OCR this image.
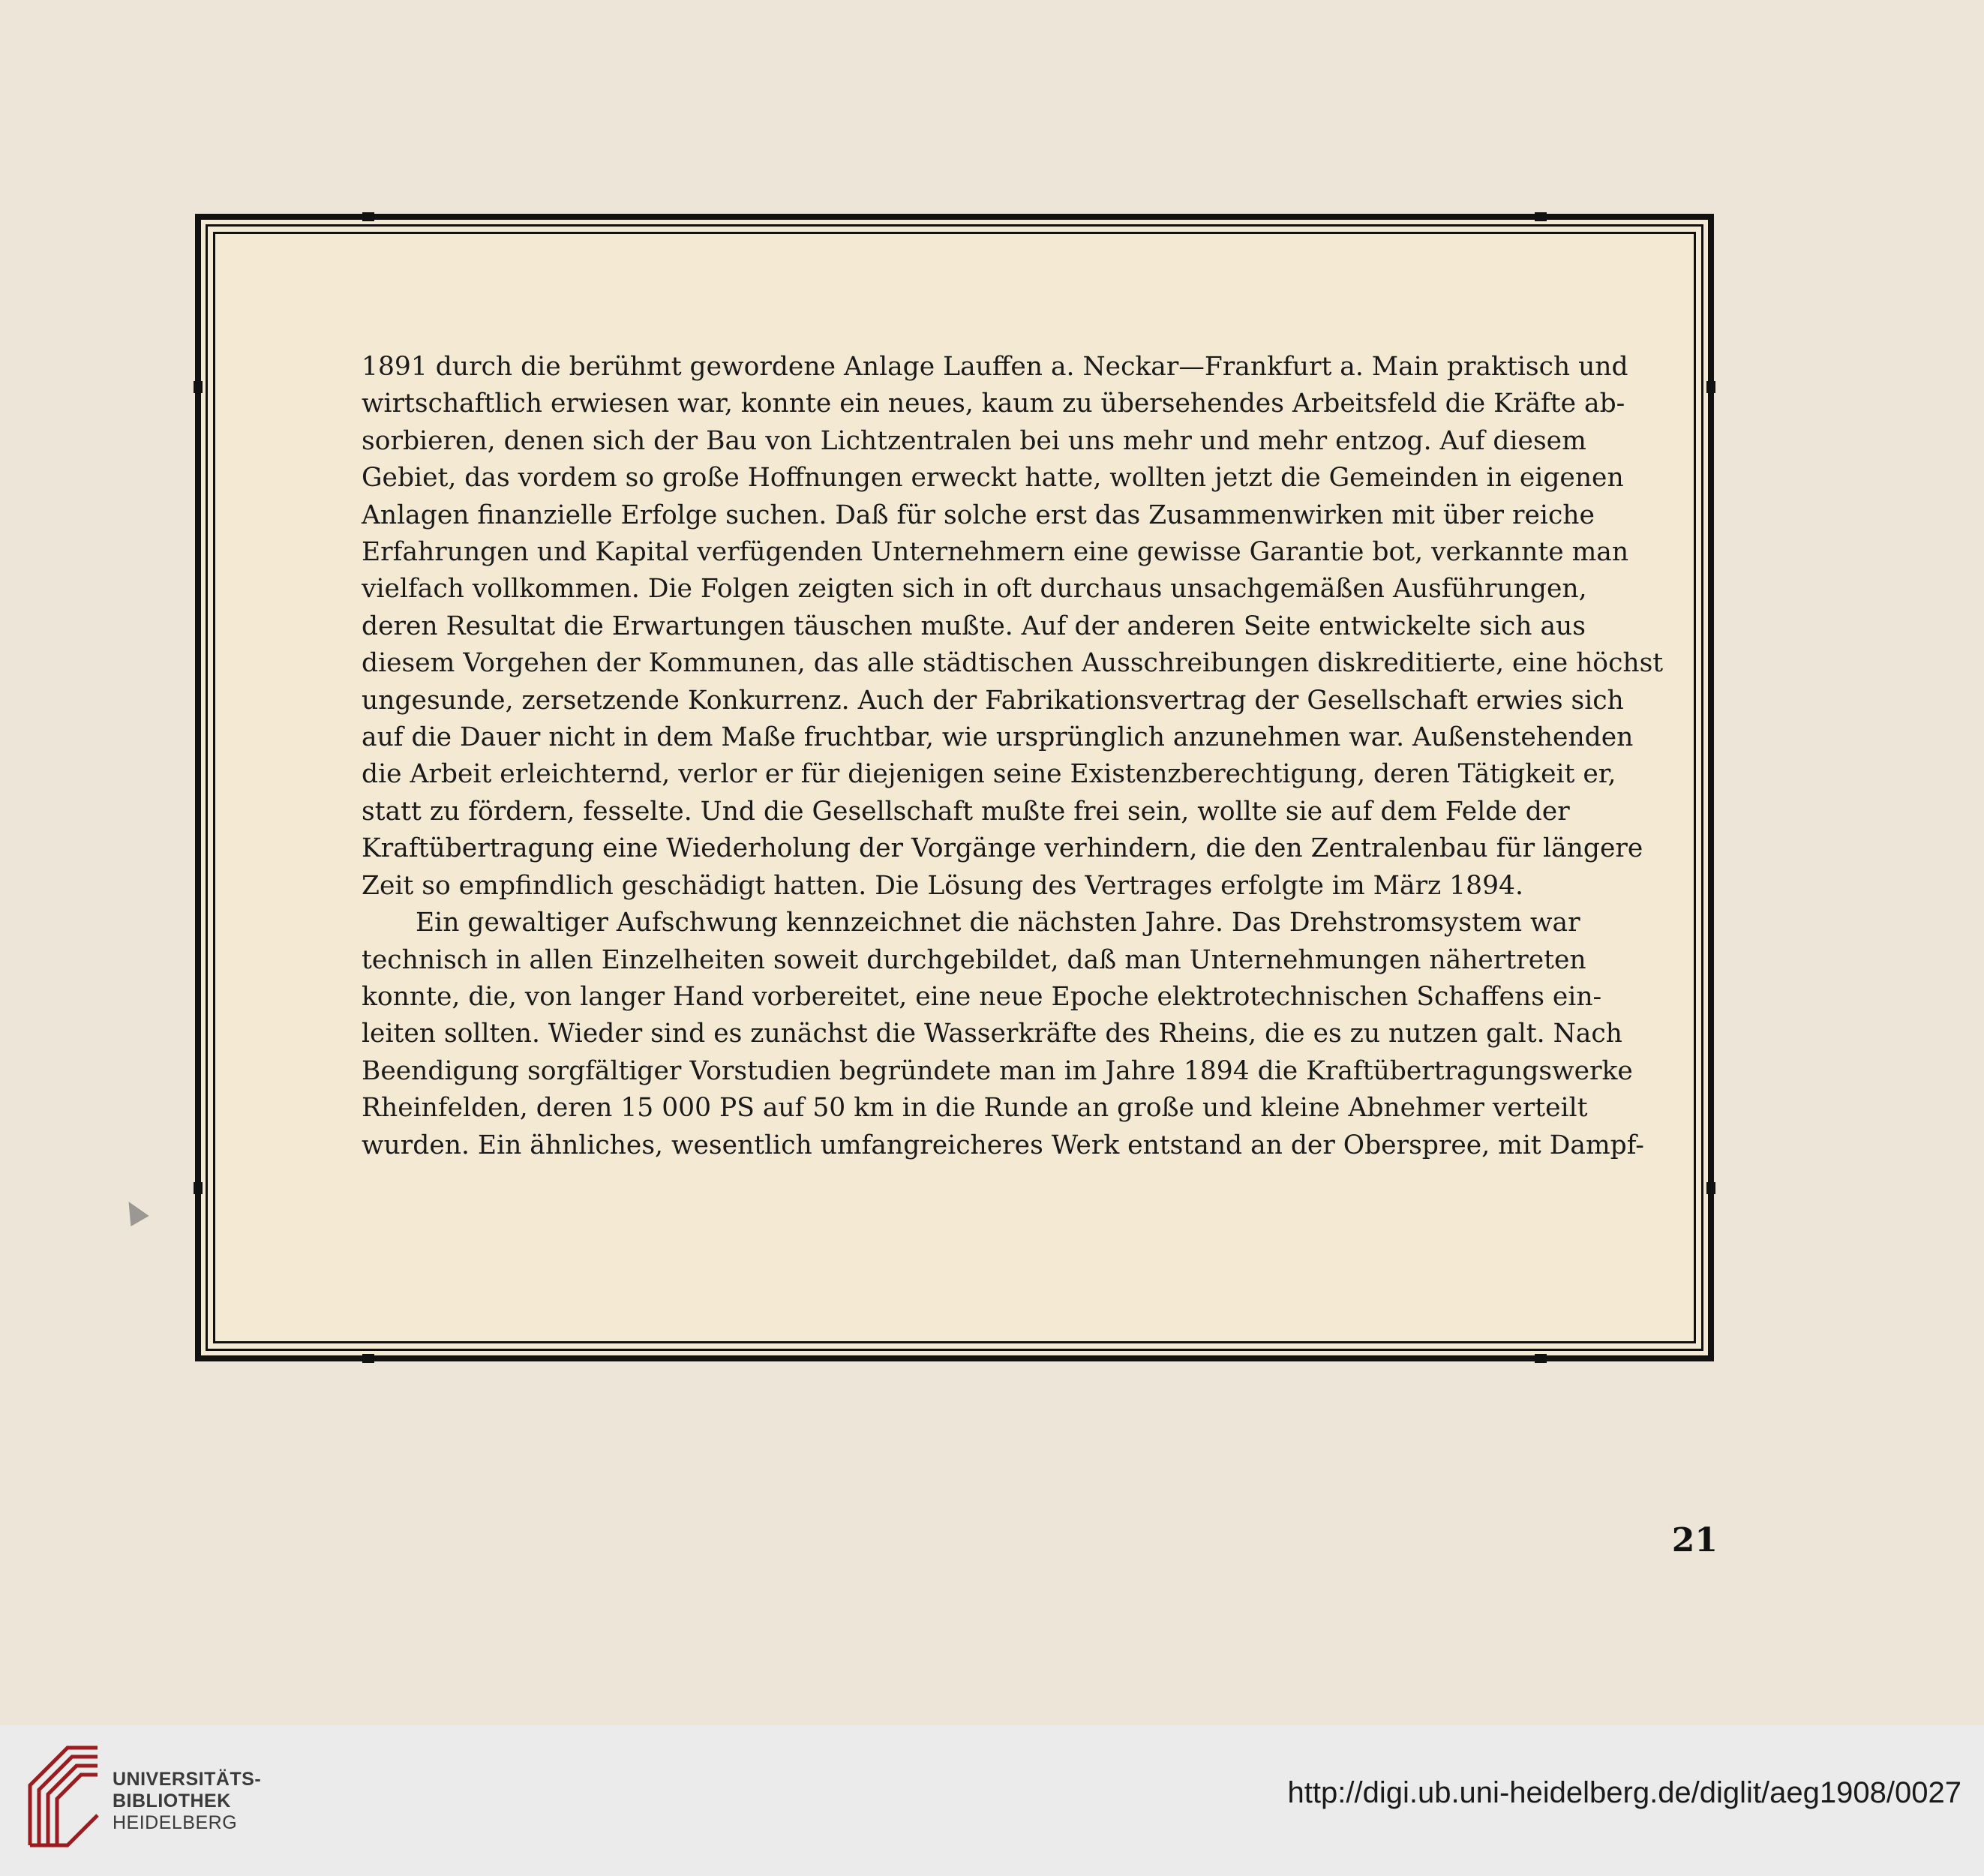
1891 durch die berühmt gewordene Anlage Lauffen a. Neckar—Frankfurt a. Main praktisch und
wirtschaftlich erwiesen war, konnte ein neues, kaum zu übersehendes Arbeitsfeld die Kräfte ab-
sorbieren, denen sich der Bau von Lichtzentralen bei uns mehr und mehr entzog. Auf diesem
Gebiet, das vordem so große Hoffnungen erweckt hatte, wollten jetzt die Gemeinden in eigenen
Anlagen finanzielle Erfolge suchen. Daß für solche erst das Zusammenwirken mit über reiche
Erfahrungen und Kapital verfügenden Unternehmern eine gewisse Garantie bot, verkannte man
vielfach vollkommen. Die Folgen zeigten sich in oft durchaus unsachgemäßen Ausführungen,
deren Resultat die Erwartungen täuschen mußte. Auf der anderen Seite entwickelte sich aus
diesem Vorgehen der Kommunen, das alle städtischen Ausschreibungen diskreditierte, eine höchst
ungesunde, zersetzende Konkurrenz. Auch der Fabrikationsvertrag der Gesellschaft erwies sich
auf die Dauer nicht in dem Maße fruchtbar, wie ursprünglich anzunehmen war. Außenstehenden
die Arbeit erleichternd, verlor er für diejenigen seine Existenzberechtigung, deren Tätigkeit er,
statt zu fördern, fesselte. Und die Gesellschaft mußte frei sein, wollte sie auf dem Felde der
Kraftübertragung eine Wiederholung der Vorgänge verhindern, die den Zentralenbau für längere
Zeit so empfindlich geschädigt hatten. Die Lösung des Vertrages erfolgte im März 1894.
Ein gewaltiger Aufschwung kennzeichnet die nächsten Jahre. Das Drehstromsystem war
technisch in allen Einzelheiten soweit durchgebildet, daß man Unternehmungen nähertreten
konnte, die, von langer Hand vorbereitet, eine neue Epoche elektrotechnischen Schaffens ein-
leiten sollten. Wieder sind es zunächst die Wasserkräfte des Rheins, die es zu nutzen galt. Nach
Beendigung sorgfältiger Vorstudien begründete man im Jahre 1894 die Kraftübertragungswerke
Rheinfelden, deren 15 000 PS auf 50 km in die Runde an große und kleine Abnehmer verteilt
wurden. Ein ähnliches, wesentlich umfangreicheres Werk entstand an der Oberspree, mit Dampf-
21
UNIVERSITÄTS-
BIBLIOTHEK
HEIDELBERG
http://digi.ub.uni-heidelberg.de/diglit/aeg1908/0027
